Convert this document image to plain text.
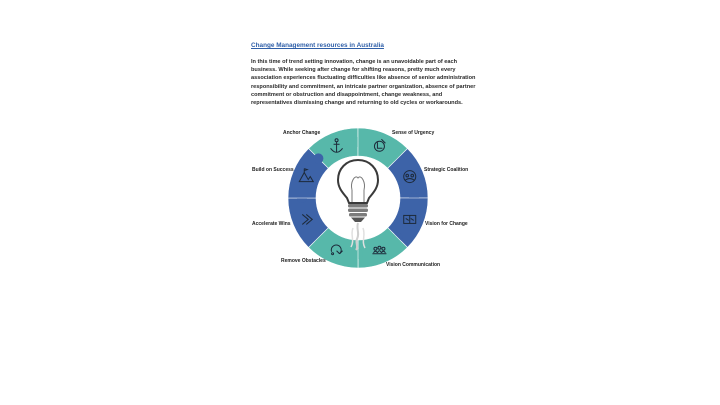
Change Management resources in Australia

In this time of trend setting innovation, change is an unavoidable part of each business. While seeking after change for shifting reasons, pretty much every association experiences fluctuating difficulties like absence of senior administration responsibility and commitment, an intricate partner organization, absence of partner commitment or obstruction and disappointment, change weakness, and representatives dismissing change and returning to old cycles or workarounds.

Anchor Change	Sense of Urgency
Strategic Coalition
Vision for Change
Vision Communication
Remove Obstacles
Accelerate Wins
Build on Success
